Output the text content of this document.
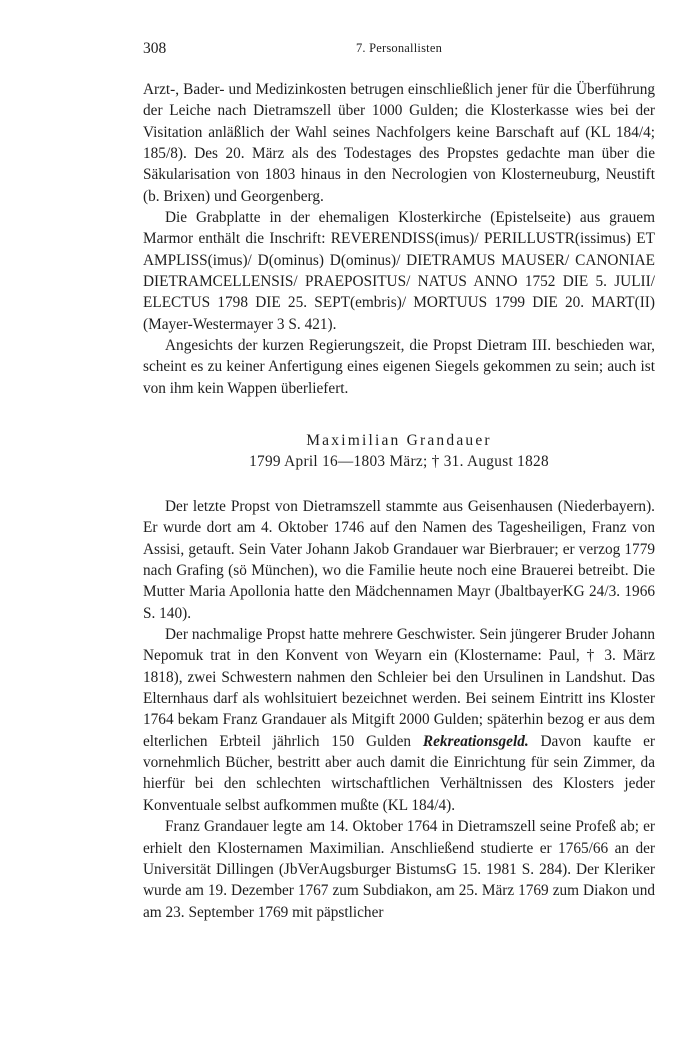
308	7. Personallisten

Arzt-, Bader- und Medizinkosten betrugen einschließlich jener für die Überführung der Leiche nach Dietramszell über 1000 Gulden; die Klosterkasse wies bei der Visitation anläßlich der Wahl seines Nachfolgers keine Barschaft auf (KL 184/4; 185/8). Des 20. März als des Todestages des Propstes gedachte man über die Säkularisation von 1803 hinaus in den Necrologien von Klosterneuburg, Neustift (b. Brixen) und Georgenberg.

Die Grabplatte in der ehemaligen Klosterkirche (Epistelseite) aus grauem Marmor enthält die Inschrift: REVERENDISS(imus)/ PERILLUSTR(issimus) ET AMPLISS(imus)/ D(ominus) D(ominus)/ DIETRAMUS MAUSER/ CANONIAE DIETRAMCELLENSIS/ PRAEPOSITUS/ NATUS ANNO 1752 DIE 5. JULII/ ELECTUS 1798 DIE 25. SEPT(embris)/ MORTUUS 1799 DIE 20. MART(II) (Mayer-Westermayer 3 S. 421).

Angesichts der kurzen Regierungszeit, die Propst Dietram III. beschieden war, scheint es zu keiner Anfertigung eines eigenen Siegels gekommen zu sein; auch ist von ihm kein Wappen überliefert.

Maximilian Grandauer
1799 April 16—1803 März; † 31. August 1828

Der letzte Propst von Dietramszell stammte aus Geisenhausen (Niederbayern). Er wurde dort am 4. Oktober 1746 auf den Namen des Tagesheiligen, Franz von Assisi, getauft. Sein Vater Johann Jakob Grandauer war Bierbrauer; er verzog 1779 nach Grafing (sö München), wo die Familie heute noch eine Brauerei betreibt. Die Mutter Maria Apollonia hatte den Mädchennamen Mayr (JbaltbayerKG 24/3. 1966 S. 140).

Der nachmalige Propst hatte mehrere Geschwister. Sein jüngerer Bruder Johann Nepomuk trat in den Konvent von Weyarn ein (Klostername: Paul, † 3. März 1818), zwei Schwestern nahmen den Schleier bei den Ursulinen in Landshut. Das Elternhaus darf als wohlsituiert bezeichnet werden. Bei seinem Eintritt ins Kloster 1764 bekam Franz Grandauer als Mitgift 2000 Gulden; späterhin bezog er aus dem elterlichen Erbteil jährlich 150 Gulden Rekreationsgeld. Davon kaufte er vornehmlich Bücher, bestritt aber auch damit die Einrichtung für sein Zimmer, da hierfür bei den schlechten wirtschaftlichen Verhältnissen des Klosters jeder Konventuale selbst aufkommen mußte (KL 184/4).

Franz Grandauer legte am 14. Oktober 1764 in Dietramszell seine Profeß ab; er erhielt den Klosternamen Maximilian. Anschließend studierte er 1765/66 an der Universität Dillingen (JbVerAugsburger BistumsG 15. 1981 S. 284). Der Kleriker wurde am 19. Dezember 1767 zum Subdiakon, am 25. März 1769 zum Diakon und am 23. September 1769 mit päpstlicher
